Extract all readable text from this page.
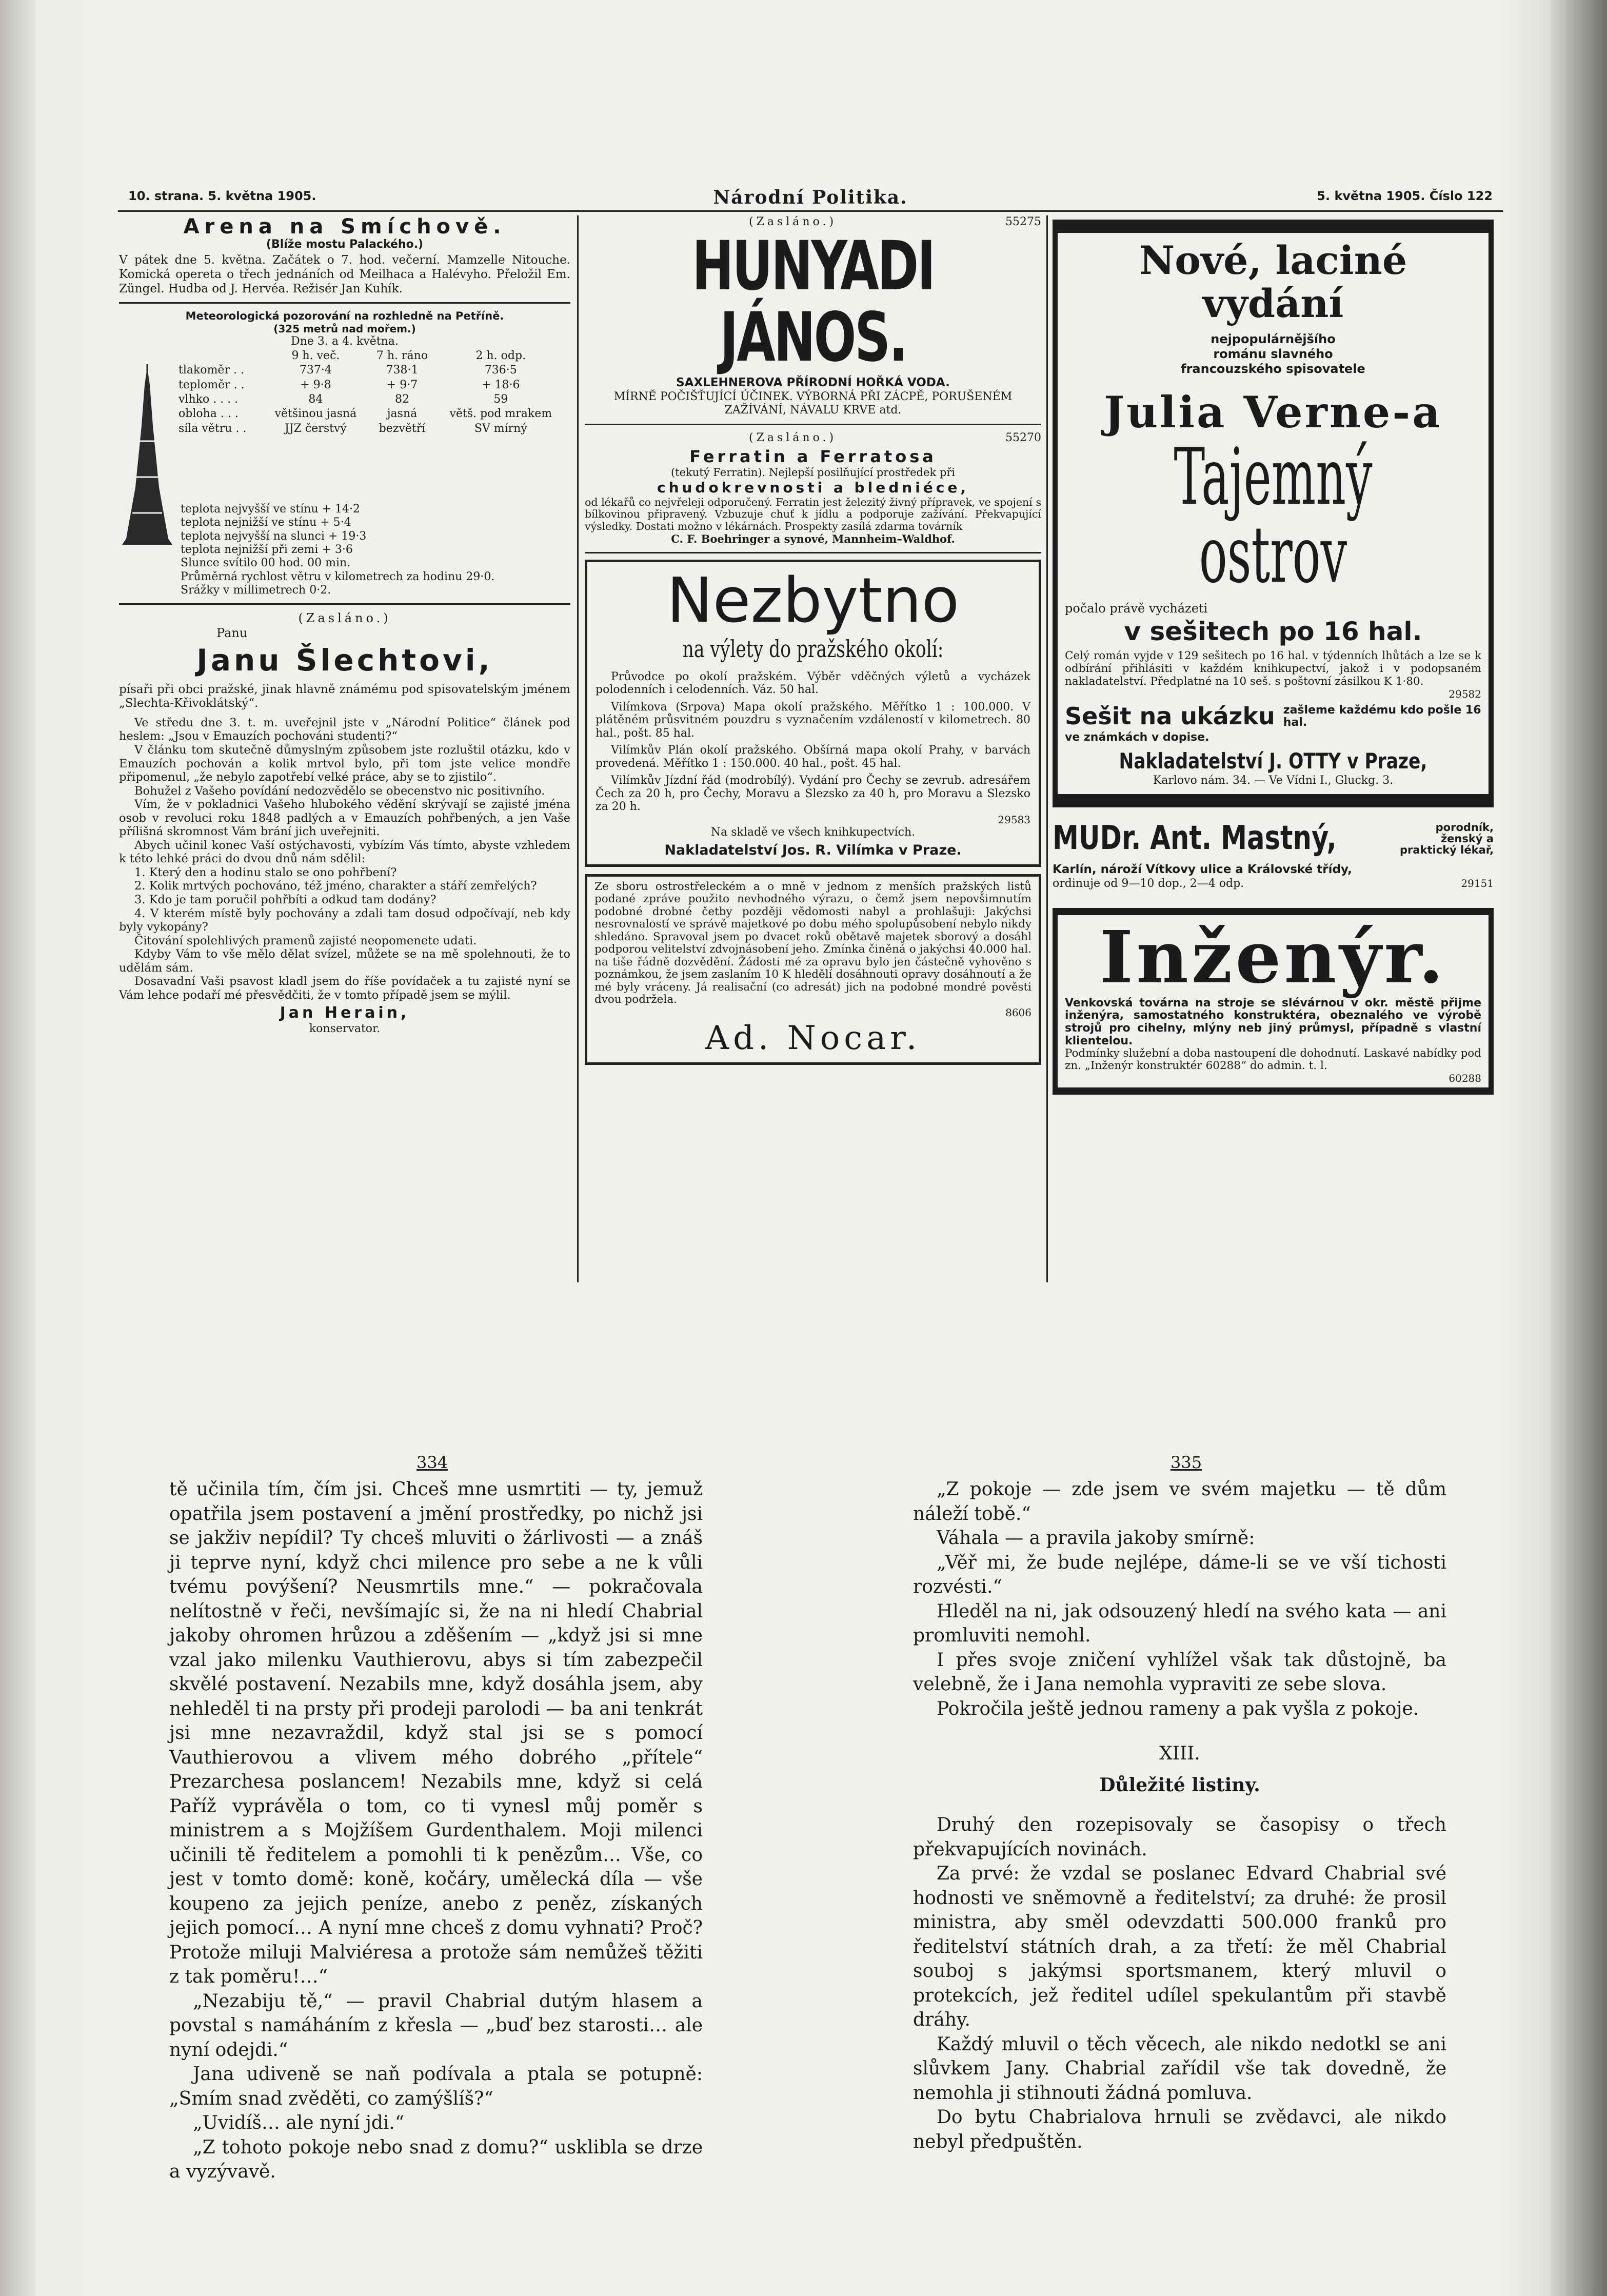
10. strana. 5. května 1905.	Národní Politika.	5. května 1905. Číslo 122
Arena na Smíchově.
(Blíže mostu Palackého.)
V pátek dne 5. května. Začátek o 7. hod. večerní. Mamzelle Nitouche. Komická opereta o třech jednáních od Meilhaca a Halévyho. Přeložil Em. Züngel. Hudba od J. Hervéa. Režisér Jan Kuhík.
Meteorologická pozorování na rozhledně na Petříně.
(325 metrů nad mořem.)
Dne 3. a 4. května.
	9 h. več.	7 h. ráno	2 h. odp.
tlakoměr . .	737·4	738·1	736·5
teploměr . .	+ 9·8	+ 9·7	+ 18·6
vlhko . . . .	84	82	59
obloha . . .	většinou jasná	jasná	větš. pod mrakem
síla větru . .	JJZ čerstvý	bezvětří	SV mírný
teplota nejvyšší ve stínu + 14·2
teplota nejnižší ve stínu + 5·4
teplota nejvyšší na slunci + 19·3
teplota nejnižší při zemi + 3·6
Slunce svítilo 00 hod. 00 min.
Průměrná rychlost větru v kilometrech za hodinu 29·0.
Srážky v millimetrech 0·2.
(Zasláno.)
Panu
Janu Šlechtovi,
písaři při obci pražské, jinak hlavně známému pod spisovatelským jménem „Slechta-Křivoklátský“.

Ve středu dne 3. t. m. uveřejnil jste v „Národní Politice“ článek pod heslem: „Jsou v Emauzích pochováni studenti?“

V článku tom skutečně důmyslným způsobem jste rozluštil otázku, kdo v Emauzích pochován a kolik mrtvol bylo, při tom jste velice mondře připomenul, „že nebylo zapotřebí velké práce, aby se to zjistilo“.

Bohužel z Vašeho povídání nedozvědělo se obecenstvo nic positivního.

Vím, že v pokladnici Vašeho hlubokého vědění skrývají se zajisté jména osob v revoluci roku 1848 padlých a v Emauzích pohřbených, a jen Vaše přílišná skromnost Vám brání jich uveřejniti.

Abych učinil konec Vaší ostýchavosti, vybízím Vás tímto, abyste vzhledem k této lehké práci do dvou dnů nám sdělil:

1. Který den a hodinu stalo se ono pohřbení?

2. Kolik mrtvých pochováno, též jméno, charakter a stáří zemřelých?

3. Kdo je tam poručil pohřbíti a odkud tam dodány?

4. V kterém místě byly pochovány a zdali tam dosud odpočívají, neb kdy byly vykopány?

Čitování spolehlivých pramenů zajisté neopomenete udati.

Kdyby Vám to vše mělo dělat svízel, můžete se na mě spolehnouti, že to udělám sám.

Dosavadní Vaši psavost kladl jsem do říše povídaček a tu zajisté nyní se Vám lehce podaří mé přesvědčiti, že v tomto případě jsem se mýlil.

Jan Herain,
konservator.
(Zasláno.)	55275
HUNYADI JÁNOS.
SAXLEHNEROVA PŘÍRODNÍ HOŘKÁ VODA.
MÍRNĚ POČIŠŤUJÍCÍ ÚČINEK. VÝBORNÁ PŘI ZÁCPĚ, PORUŠENÉM ZAŽÍVÁNÍ, NÁVALU KRVE atd.
(Zasláno.)	55270
Ferratin a Ferratosa
(tekutý Ferratin). Nejlepší posilňující prostředek při
chudokrevnosti a bledniéce,
od lékařů co nejvřeleji odporučený. Ferratin jest železitý živný přípravek, ve spojení s bílkovinou připravený. Vzbuzuje chuť k jídlu a podporuje zažívání. Překvapující výsledky. Dostati možno v lékárnách. Prospekty zasílá zdarma továrník
C. F. Boehringer a synové, Mannheim–Waldhof.
Nezbytno
na výlety do pražského okolí:

Průvodce po okolí pražském. Výběr vděčných výletů a vycházek polodenních i celodenních. Váz. 50 hal.

Vilímkova (Srpova) Mapa okolí pražského. Měřítko 1 : 100.000. V plátěném průsvitném pouzdru s vyznačením vzdáleností v kilometrech. 80 hal., pošt. 85 hal.

Vilímkův Plán okolí pražského. Obšírná mapa okolí Prahy, v barvách provedená. Měřítko 1 : 150.000. 40 hal., pošt. 45 hal.

Vilímkův Jízdní řád (modrobílý). Vydání pro Čechy se zevrub. adresářem Čech za 20 h, pro Čechy, Moravu a Slezsko za 40 h, pro Moravu a Slezsko za 20 h.

29583
Na skladě ve všech knihkupectvích.
Nakladatelství Jos. R. Vilímka v Praze.
Ze sboru ostrostřeleckém a o mně v jednom z menších pražských listů podané zpráve použito nevhodného výrazu, o čemž jsem nepovšimnutím podobné drobné četby později vědomosti nabyl a prohlašuji: Jakýchsi nesrovnalostí ve správě majetkové po dobu mého spolupůsobení nebylo nikdy shledáno. Spravoval jsem po dvacet roků obětavě majetek sborový a dosáhl podporou velitelství zdvojnásobení jeho. Zmínka činěná o jakýchsi 40.000 hal. na tiše řádně dozvědění. Žádosti mé za opravu bylo jen částečně vyhověno s poznámkou, že jsem zaslaním 10 K hledělí dosáhnouti opravy dosáhnoutí a že mé byly vráceny. Já realisační (co adresát) jich na podobné mondré pověsti dvou podržela.
8606
Ad. Nocar.
Nové, laciné vydání
nejpopulárnějšího
románu slavného
francouzského spisovatele
Julia Verne-a
Tajemný ostrov
počalo právě vycházeti
v sešitech po 16 hal.
Celý román vyjde v 129 sešitech po 16 hal. v týdenních lhůtách a lze se k odbírání přihlásiti v každém knihkupectví, jakož i v podopsaném nakladatelství. Předplatné na 10 seš. s poštovní zásilkou K 1·80.
29582
Sešit na ukázku zašleme každému kdo pošle 16 hal.
ve známkách v dopise.
Nakladatelství J. OTTY v Praze,
Karlovo nám. 34. — Ve Vídni I., Gluckg. 3.
MUDr. Ant. Mastný,	porodník, ženský a praktický lékař,
Karlín, nároží Vítkovy ulice a Královské třídy,
ordinuje od 9—10 dop., 2—4 odp.	29151
Inženýr.
Venkovská továrna na stroje se slévárnou v okr. městě přijme inženýra, samostatného konstruktéra, obeznalého ve výrobě strojů pro cihelny, mlýny neb jiný průmysl, případně s vlastní klientelou.
Podmínky služební a doba nastoupení dle dohodnutí. Laskavé nabídky pod zn. „Inženýr konstruktér 60288“ do admin. t. l.
60288
334	335

tě učinila tím, čím jsi. Chceš mne usmrtiti — ty, jemuž opatřila jsem postavení a jmění prostředky, po nichž jsi se jakživ nepídil? Ty chceš mluviti o žárlivosti — a znáš ji teprve nyní, když chci milence pro sebe a ne k vůli tvému povýšení? Neusmrtils mne.“ — pokračovala nelítostně v řeči, nevšímajíc si, že na ni hledí Chabrial jakoby ohromen hrůzou a zděšením — „když jsi si mne vzal jako milenku Vauthierovu, abys si tím zabezpečil skvělé postavení. Nezabils mne, když dosáhla jsem, aby nehleděl ti na prsty při prodeji parolodi — ba ani tenkrát jsi mne nezavraždil, když stal jsi se s pomocí Vauthierovou a vlivem mého dobrého „přítele“ Prezarchesa poslancem! Nezabils mne, když si celá Paříž vyprávěla o tom, co ti vynesl můj poměr s ministrem a s Mojžíšem Gurdenthalem. Moji milenci učinili tě ředitelem a pomohli ti k penězům… Vše, co jest v tomto domě: koně, kočáry, umělecká díla — vše koupeno za jejich peníze, anebo z peněz, získaných jejich pomocí… A nyní mne chceš z domu vyhnati? Proč? Protože miluji Malviéresa a protože sám nemůžeš těžiti z tak poměru!…“

„Nezabiju tě,“ — pravil Chabrial dutým hlasem a povstal s namáháním z křesla — „buď bez starosti… ale nyní odejdi.“

Jana udiveně se naň podívala a ptala se potupně: „Smím snad zvěděti, co zamýšlíš?“

„Uvidíš… ale nyní jdi.“

„Z tohoto pokoje nebo snad z domu?“ usklibla se drze a vyzývavě.

„Z pokoje — zde jsem ve svém majetku — tě dům náleží tobě.“

Váhala — a pravila jakoby smírně:

„Věř mi, že bude nejlépe, dáme-li se ve vší tichosti rozvésti.“

Hleděl na ni, jak odsouzený hledí na svého kata — ani promluviti nemohl.

I přes svoje zničení vyhlížel však tak důstojně, ba velebně, že i Jana nemohla vypraviti ze sebe slova.

Pokročila ještě jednou rameny a pak vyšla z pokoje.

XIII.
Důležité listiny.

Druhý den rozepisovaly se časopisy o třech překvapujících novinách.

Za prvé: že vzdal se poslanec Edvard Chabrial své hodnosti ve sněmovně a ředitelství; za druhé: že prosil ministra, aby směl odevzdatti 500.000 franků pro ředitelství státních drah, a za třetí: že měl Chabrial souboj s jakýmsi sportsmanem, který mluvil o protekcích, jež ředitel udílel spekulantům při stavbě dráhy.

Každý mluvil o těch věcech, ale nikdo nedotkl se ani slůvkem Jany. Chabrial zařídil vše tak dovedně, že nemohla ji stihnouti žádná pomluva.

Do bytu Chabrialova hrnuli se zvědavci, ale nikdo nebyl předpuštěn.
